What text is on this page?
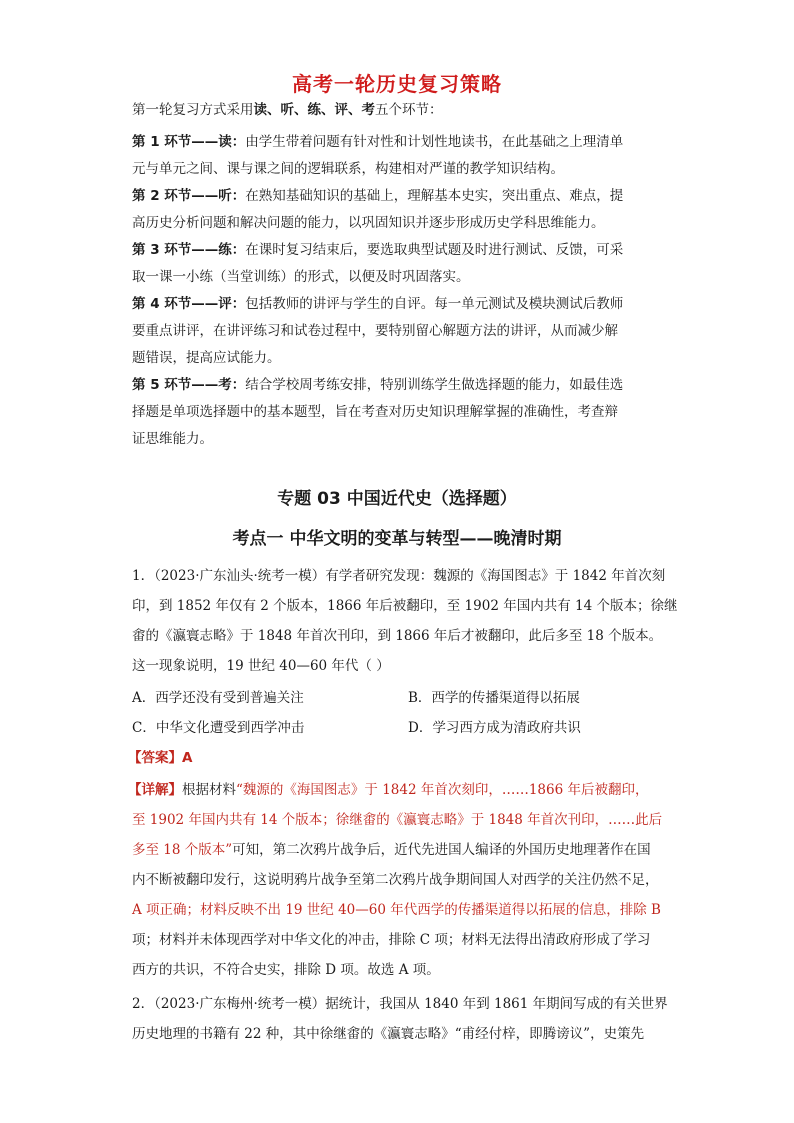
高考一轮历史复习策略
第一轮复习方式采用读、听、练、评、考五个环节：
第 1 环节——读：由学生带着问题有针对性和计划性地读书，在此基础之上理清单
元与单元之间、课与课之间的逻辑联系，构建相对严谨的教学知识结构。
第 2 环节——听：在熟知基础知识的基础上，理解基本史实，突出重点、难点，提
高历史分析问题和解决问题的能力，以巩固知识并逐步形成历史学科思维能力。
第 3 环节——练：在课时复习结束后，要选取典型试题及时进行测试、反馈，可采
取一课一小练（当堂训练）的形式，以便及时巩固落实。
第 4 环节——评：包括教师的讲评与学生的自评。每一单元测试及模块测试后教师
要重点讲评，在讲评练习和试卷过程中，要特别留心解题方法的讲评，从而减少解
题错误，提高应试能力。
第 5 环节——考：结合学校周考练安排，特别训练学生做选择题的能力，如最佳选
择题是单项选择题中的基本题型，旨在考查对历史知识理解掌握的准确性，考查辩
证思维能力。
专题 03 中国近代史（选择题）
考点一 中华文明的变革与转型——晚清时期
1．（2023·广东汕头·统考一模）有学者研究发现：魏源的《海国图志》于 1842 年首次刻
印，到 1852 年仅有 2 个版本，1866 年后被翻印，至 1902 年国内共有 14 个版本；徐继
畬的《瀛寰志略》于 1848 年首次刊印，到 1866 年后才被翻印，此后多至 18 个版本。
这一现象说明，19 世纪 40—60 年代（ ）
A．西学还没有受到普遍关注	B．西学的传播渠道得以拓展
C．中华文化遭受到西学冲击	D．学习西方成为清政府共识
【答案】A
【详解】根据材料“魏源的《海国图志》于 1842 年首次刻印，……1866 年后被翻印，
至 1902 年国内共有 14 个版本；徐继畬的《瀛寰志略》于 1848 年首次刊印，……此后
多至 18 个版本”可知，第二次鸦片战争后，近代先进国人编译的外国历史地理著作在国
内不断被翻印发行，这说明鸦片战争至第二次鸦片战争期间国人对西学的关注仍然不足，
A 项正确；材料反映不出 19 世纪 40—60 年代西学的传播渠道得以拓展的信息，排除 B
项；材料并未体现西学对中华文化的冲击，排除 C 项；材料无法得出清政府形成了学习
西方的共识，不符合史实，排除 D 项。故选 A 项。
2．（2023·广东梅州·统考一模）据统计，我国从 1840 年到 1861 年期间写成的有关世界
历史地理的书籍有 22 种，其中徐继畬的《瀛寰志略》“甫经付梓，即腾谤议”，史策先
